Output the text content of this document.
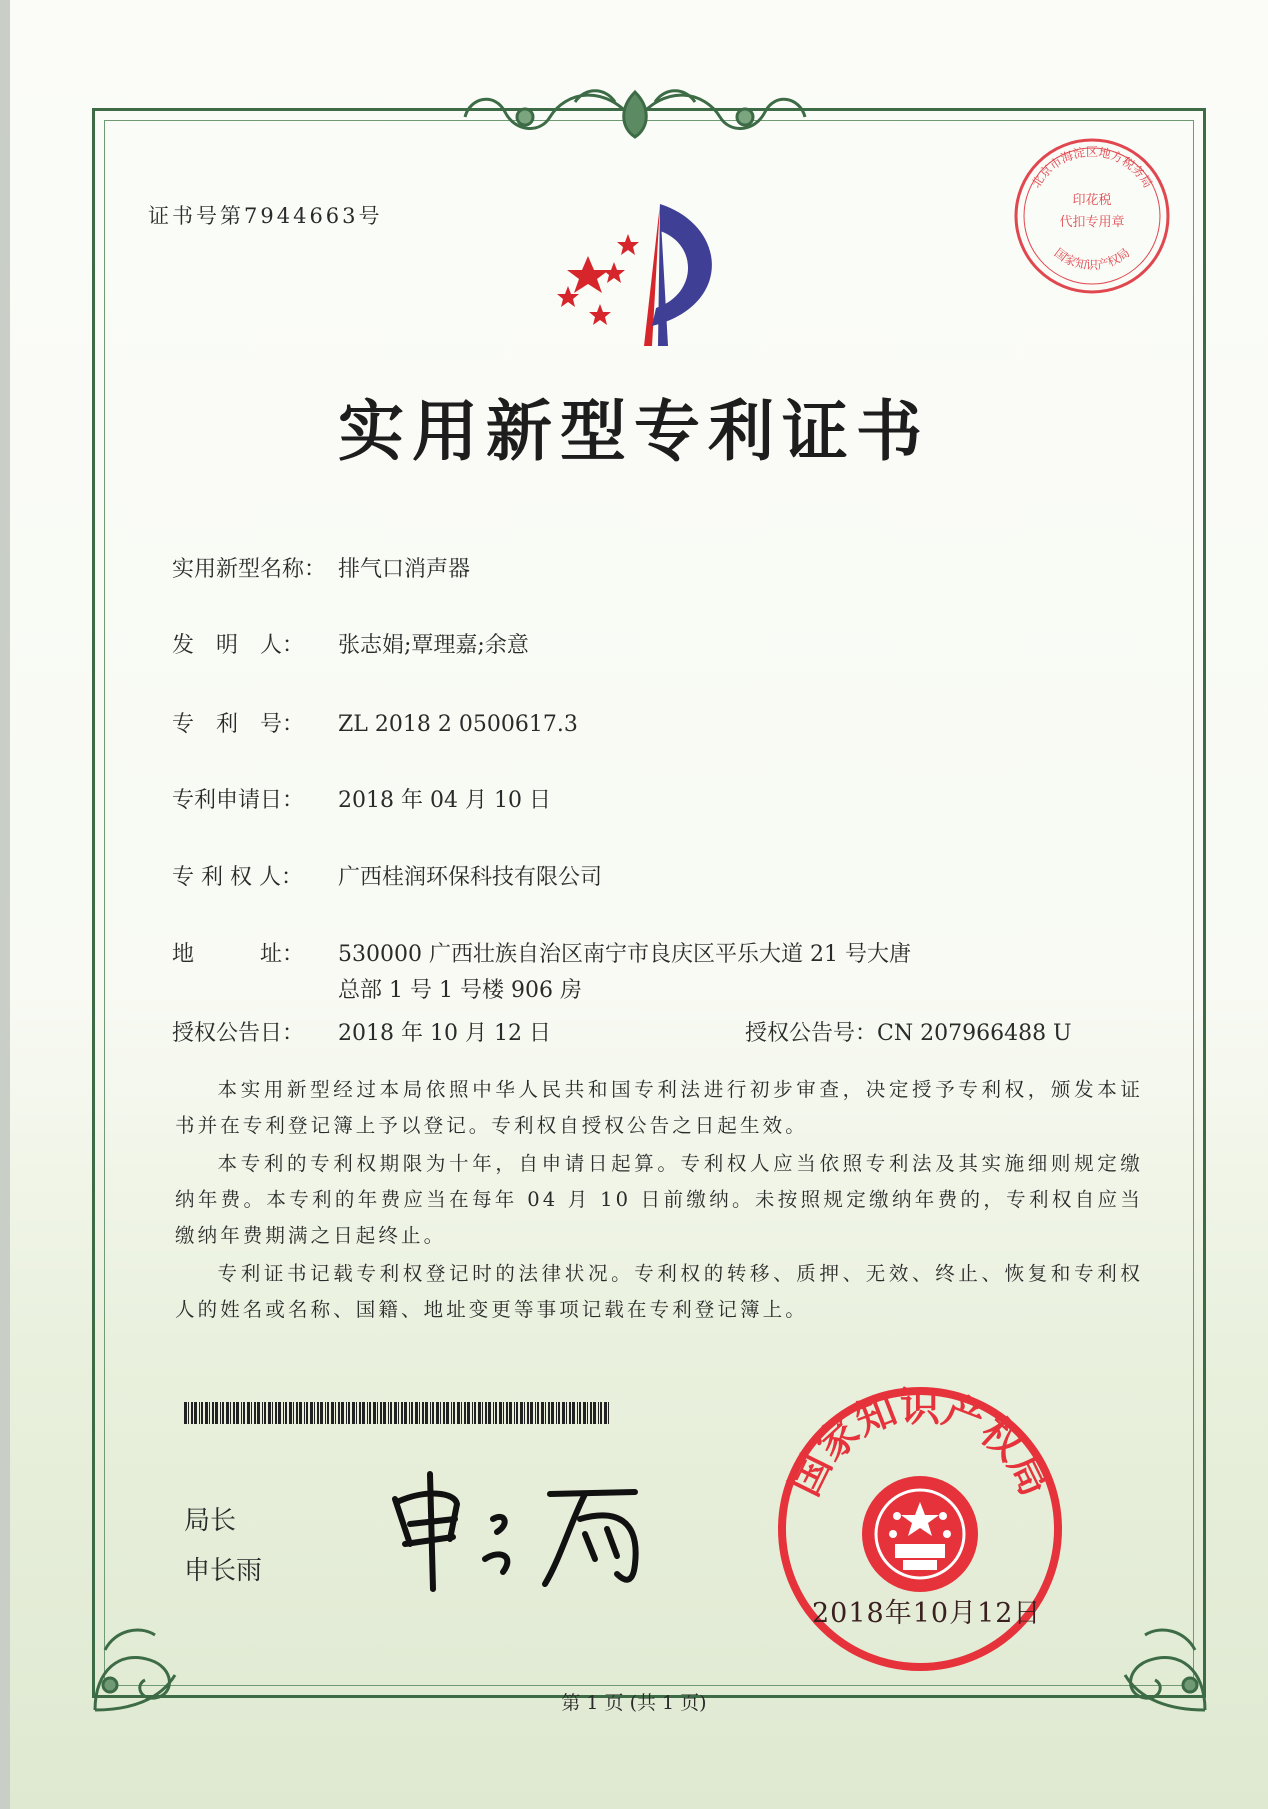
证书号第7944663号
印花税
代扣专用章
北京市海淀区地方税务局
国家知识产权局
实用新型专利证书
实用新型名称： 排气口消声器
发　明　人： 张志娟;覃理嘉;余意
专　利　号： ZL 2018 2 0500617.3
专利申请日： 2018 年 04 月 10 日
专 利 权 人： 广西桂润环保科技有限公司
地　　　址： 530000 广西壮族自治区南宁市良庆区平乐大道 21 号大唐
总部 1 号 1 号楼 906 房
授权公告日： 2018 年 10 月 12 日	授权公告号：CN 207966488 U
本实用新型经过本局依照中华人民共和国专利法进行初步审查，决定授予专利权，颁发本证书并在专利登记簿上予以登记。专利权自授权公告之日起生效。
本专利的专利权期限为十年，自申请日起算。专利权人应当依照专利法及其实施细则规定缴纳年费。本专利的年费应当在每年 04 月 10 日前缴纳。未按照规定缴纳年费的，专利权自应当缴纳年费期满之日起终止。
专利证书记载专利权登记时的法律状况。专利权的转移、质押、无效、终止、恢复和专利权人的姓名或名称、国籍、地址变更等事项记载在专利登记簿上。
局长
申长雨
国家知识产权局
2018年10月12日
第 1 页 (共 1 页)
